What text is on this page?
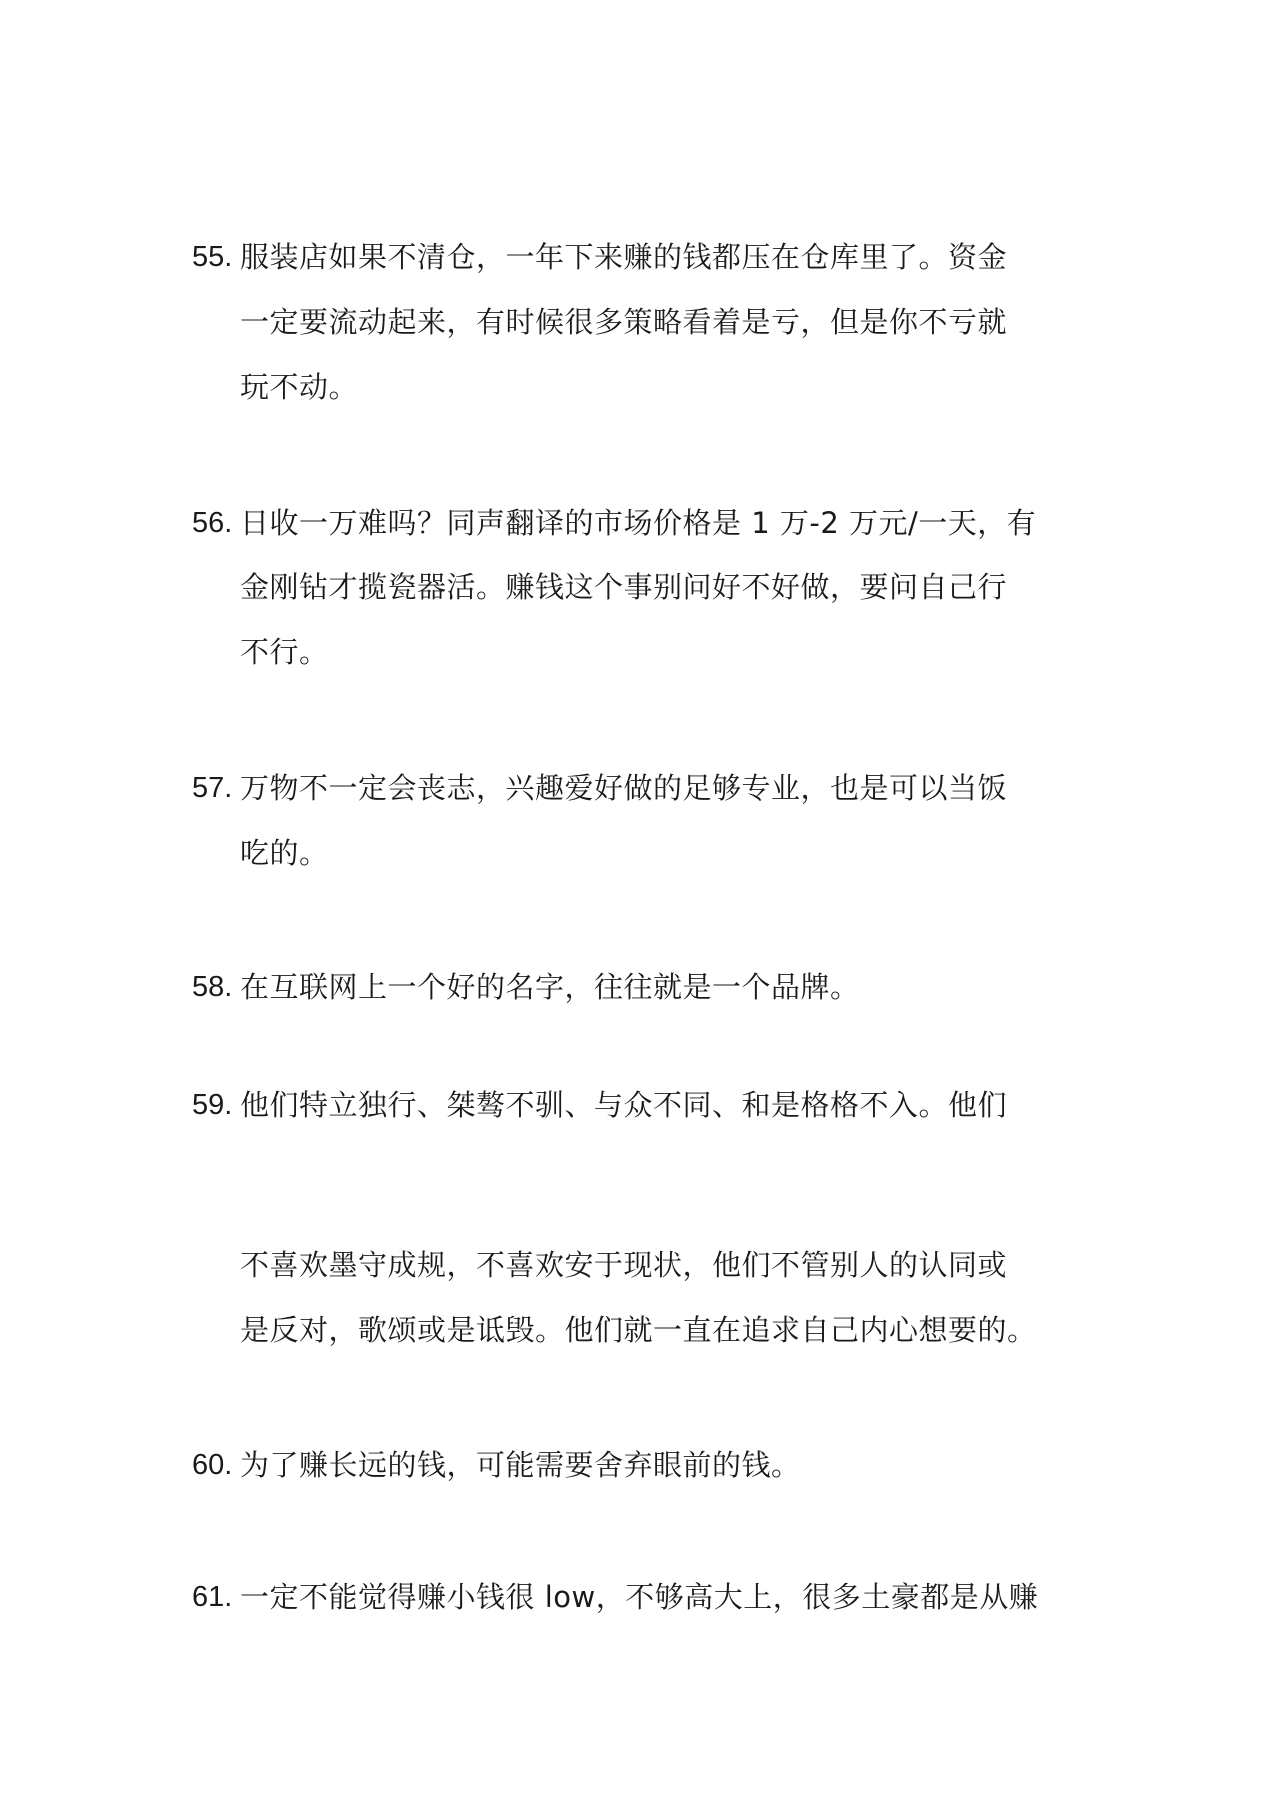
55. 服装店如果不清仓，一年下来赚的钱都压在仓库里了。资金
一定要流动起来，有时候很多策略看着是亏，但是你不亏就
玩不动。
56. 日收一万难吗？同声翻译的市场价格是 1 万-2 万元/一天，有
金刚钻才揽瓷器活。赚钱这个事别问好不好做，要问自己行
不行。
57. 万物不一定会丧志，兴趣爱好做的足够专业，也是可以当饭
吃的。
58. 在互联网上一个好的名字，往往就是一个品牌。
59. 他们特立独行、桀骜不驯、与众不同、和是格格不入。他们
不喜欢墨守成规，不喜欢安于现状，他们不管别人的认同或
是反对，歌颂或是诋毁。他们就一直在追求自己内心想要的。
60. 为了赚长远的钱，可能需要舍弃眼前的钱。
61. 一定不能觉得赚小钱很 low，不够高大上，很多土豪都是从赚
